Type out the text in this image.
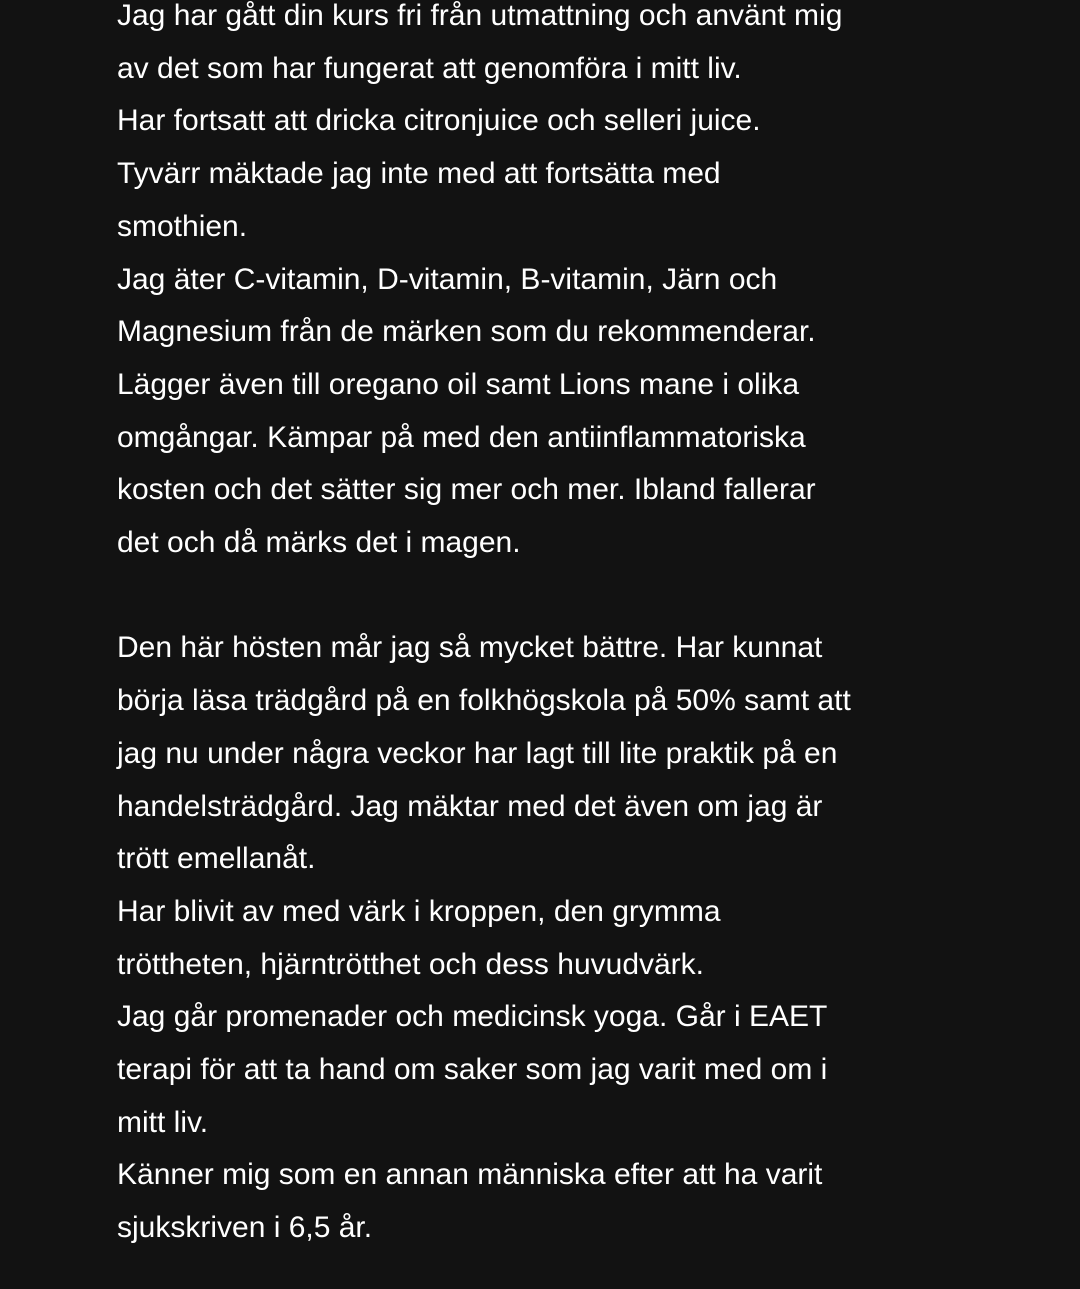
Jag har gått din kurs fri från utmattning och använt mig
av det som har fungerat att genomföra i mitt liv.
Har fortsatt att dricka citronjuice och selleri juice.
Tyvärr mäktade jag inte med att fortsätta med
smothien.
Jag äter C-vitamin, D-vitamin, B-vitamin, Järn och
Magnesium från de märken som du rekommenderar.
Lägger även till oregano oil samt Lions mane i olika
omgångar. Kämpar på med den antiinflammatoriska
kosten och det sätter sig mer och mer. Ibland fallerar
det och då märks det i magen.
Den här hösten mår jag så mycket bättre. Har kunnat
börja läsa trädgård på en folkhögskola på 50% samt att
jag nu under några veckor har lagt till lite praktik på en
handelsträdgård. Jag mäktar med det även om jag är
trött emellanåt.
Har blivit av med värk i kroppen, den grymma
tröttheten, hjärntrötthet och dess huvudvärk.
Jag går promenader och medicinsk yoga. Går i EAET
terapi för att ta hand om saker som jag varit med om i
mitt liv.
Känner mig som en annan människa efter att ha varit
sjukskriven i 6,5 år.
